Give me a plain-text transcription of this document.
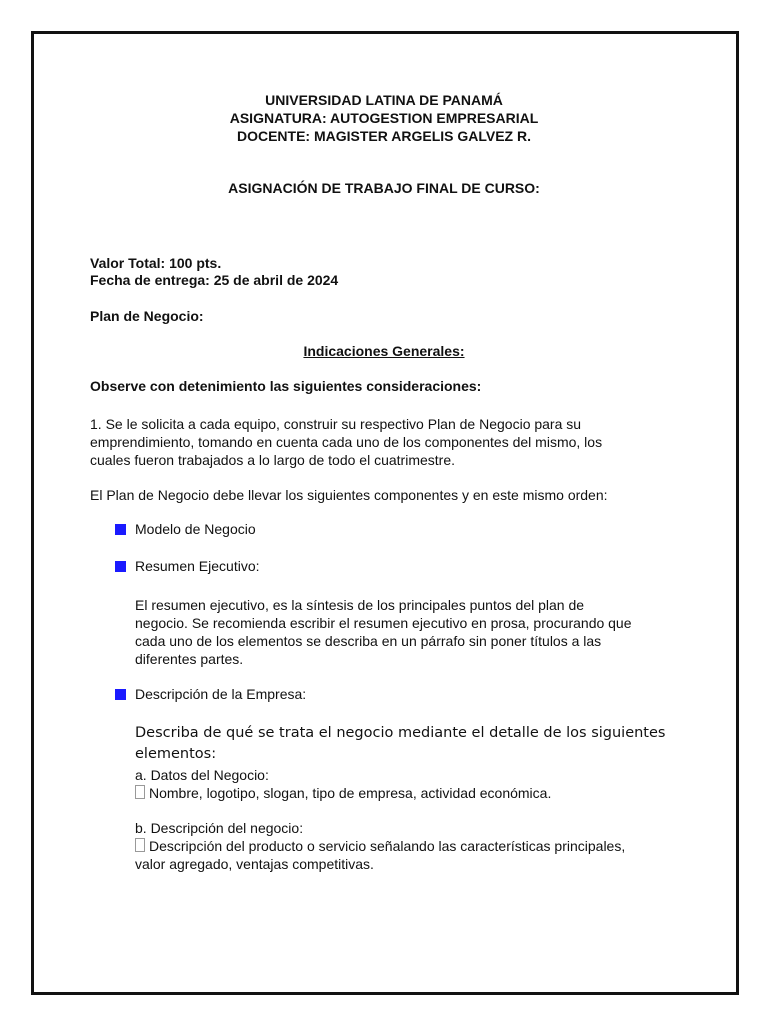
UNIVERSIDAD LATINA DE PANAMÁ
ASIGNATURA: AUTOGESTION EMPRESARIAL
DOCENTE: MAGISTER ARGELIS GALVEZ R.
ASIGNACIÓN DE TRABAJO FINAL DE CURSO:
Valor Total: 100 pts.
Fecha de entrega: 25 de abril de 2024
Plan de Negocio:
Indicaciones Generales:
Observe con detenimiento las siguientes consideraciones:
1. Se le solicita a cada equipo, construir su respectivo Plan de Negocio para su
emprendimiento, tomando en cuenta cada uno de los componentes del mismo, los
cuales fueron trabajados a lo largo de todo el cuatrimestre.
El Plan de Negocio debe llevar los siguientes componentes y en este mismo orden:
Modelo de Negocio
Resumen Ejecutivo:
El resumen ejecutivo, es la síntesis de los principales puntos del plan de
negocio. Se recomienda escribir el resumen ejecutivo en prosa, procurando que
cada uno de los elementos se describa en un párrafo sin poner títulos a las
diferentes partes.
Descripción de la Empresa:
Describa de qué se trata el negocio mediante el detalle de los siguientes
elementos:
a. Datos del Negocio:
Nombre, logotipo, slogan, tipo de empresa, actividad económica.
b. Descripción del negocio:
Descripción del producto o servicio señalando las características principales,
valor agregado, ventajas competitivas.
